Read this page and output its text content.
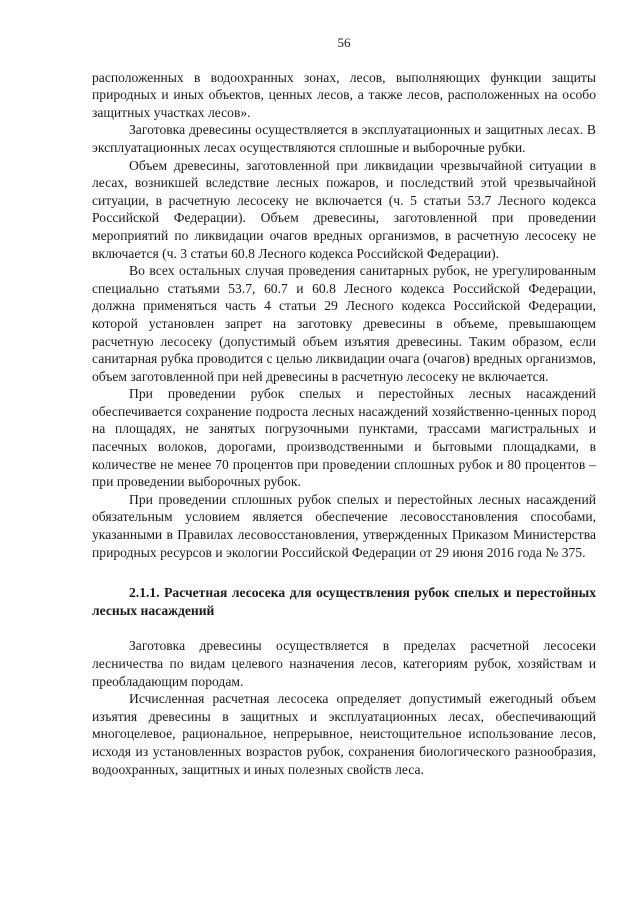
56

расположенных в водоохранных зонах, лесов, выполняющих функции защиты природных и иных объектов, ценных лесов, а также лесов, расположенных на особо защитных участках лесов».

Заготовка древесины осуществляется в эксплуатационных и защитных лесах. В эксплуатационных лесах осуществляются сплошные и выборочные рубки.

Объем древесины, заготовленной при ликвидации чрезвычайной ситуации в лесах, возникшей вследствие лесных пожаров, и последствий этой чрезвычайной ситуации, в расчетную лесосеку не включается (ч. 5 статьи 53.7 Лесного кодекса Российской Федерации). Объем древесины, заготовленной при проведении мероприятий по ликвидации очагов вредных организмов, в расчетную лесосеку не включается (ч. 3 статьи 60.8 Лесного кодекса Российской Федерации).

Во всех остальных случая проведения санитарных рубок, не урегулированным специально статьями 53.7, 60.7 и 60.8 Лесного кодекса Российской Федерации, должна применяться часть 4 статьи 29 Лесного кодекса Российской Федерации, которой установлен запрет на заготовку древесины в объеме, превышающем расчетную лесосеку (допустимый объем изъятия древесины. Таким образом, если санитарная рубка проводится с целью ликвидации очага (очагов) вредных организмов, объем заготовленной при ней древесины в расчетную лесосеку не включается.

При проведении рубок спелых и перестойных лесных насаждений обеспечивается сохранение подроста лесных насаждений хозяйственно-ценных пород на площадях, не занятых погрузочными пунктами, трассами магистральных и пасечных волоков, дорогами, производственными и бытовыми площадками, в количестве не менее 70 процентов при проведении сплошных рубок и 80 процентов – при проведении выборочных рубок.

При проведении сплошных рубок спелых и перестойных лесных насаждений обязательным условием является обеспечение лесовосстановления способами, указанными в Правилах лесовосстановления, утвержденных Приказом Министерства природных ресурсов и экологии Российской Федерации от 29 июня 2016 года № 375.

2.1.1. Расчетная лесосека для осуществления рубок спелых и перестойных лесных насаждений

Заготовка древесины осуществляется в пределах расчетной лесосеки лесничества по видам целевого назначения лесов, категориям рубок, хозяйствам и преобладающим породам.

Исчисленная расчетная лесосека определяет допустимый ежегодный объем изъятия древесины в защитных и эксплуатационных лесах, обеспечивающий многоцелевое, рациональное, непрерывное, неистощительное использование лесов, исходя из установленных возрастов рубок, сохранения биологического разнообразия, водоохранных, защитных и иных полезных свойств леса.
